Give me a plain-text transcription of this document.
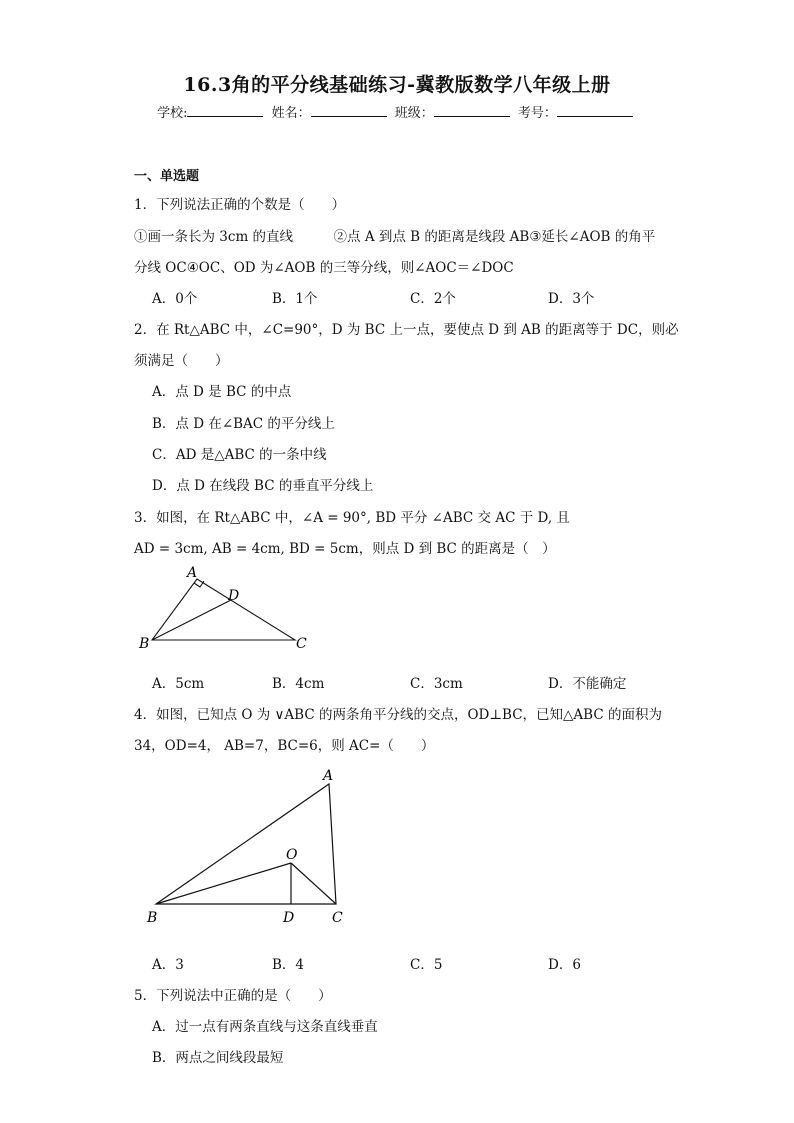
16.3角的平分线基础练习-冀教版数学八年级上册
学校:	姓名：	班级：	考号：
一、单选题
1．下列说法正确的个数是（　　）
①画一条长为 3cm 的直线　　　②点 A 到点 B 的距离是线段 AB③延长∠AOB 的角平
分线 OC④OC、OD 为∠AOB 的三等分线，则∠AOC＝∠DOC
A．0个	B．1个	C．2个	D．3个
2．在 Rt△ABC 中，∠C=90°，D 为 BC 上一点，要使点 D 到 AB 的距离等于 DC，则必
须满足（　　）
A．点 D 是 BC 的中点
B．点 D 在∠BAC 的平分线上
C．AD 是△ABC 的一条中线
D．点 D 在线段 BC 的垂直平分线上
3．如图，在 Rt△ABC 中，∠A = 90°, BD 平分 ∠ABC 交 AC 于 D, 且
AD = 3cm, AB = 4cm, BD = 5cm，则点 D 到 BC 的距离是（　）
A
D
B	C
A．5cm	B．4cm	C．3cm	D．不能确定
4．如图，已知点 O 为 ∨ABC 的两条角平分线的交点，OD⊥BC，已知△ABC 的面积为
34，OD=4， AB=7，BC=6，则 AC=（　　）
A
O
B	D	C
A．3	B．4	C．5	D．6
5．下列说法中正确的是（　　）
A．过一点有两条直线与这条直线垂直
B．两点之间线段最短
